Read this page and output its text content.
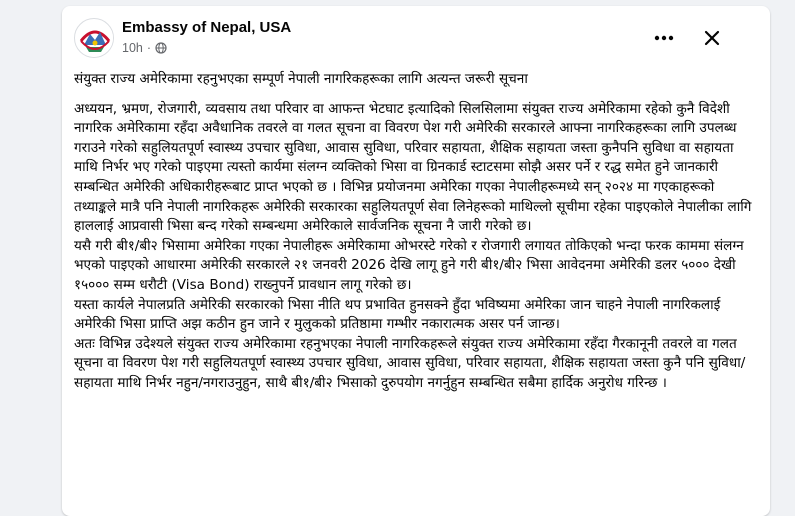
Embassy of Nepal, USA
10h ·

संयुक्त राज्य अमेरिकामा रहनुभएका सम्पूर्ण नेपाली नागरिकहरूका लागि अत्यन्त जरूरी सूचना

अध्ययन, भ्रमण, रोजगारी, व्यवसाय तथा परिवार वा आफन्त भेटघाट इत्यादिको सिलसिलामा संयुक्त राज्य अमेरिकामा रहेको कुनै विदेशी नागरिक अमेरिकामा रहँदा अवैधानिक तवरले वा गलत सूचना वा विवरण पेश गरी अमेरिकी सरकारले आफ्ना नागरिकहरूका लागि उपलब्ध गराउने गरेको सहुलियतपूर्ण स्वास्थ्य उपचार सुविधा, आवास सुविधा, परिवार सहायता, शैक्षिक सहायता जस्ता कुनैपनि सुविधा वा सहायता माथि निर्भर भए गरेको पाइएमा त्यस्तो कार्यमा संलग्न व्यक्तिको भिसा वा ग्रिनकार्ड स्टाटसमा सोझै असर पर्ने र रद्ध समेत हुने जानकारी सम्बन्धित अमेरिकी अधिकारीहरूबाट प्राप्त भएको छ । विभिन्न प्रयोजनमा अमेरिका गएका नेपालीहरूमध्ये सन् २०२४ मा गएकाहरूको तथ्याङ्कले मात्रै पनि नेपाली नागरिकहरू अमेरिकी सरकारका सहुलियतपूर्ण सेवा लिनेहरूको माथिल्लो सूचीमा रहेका पाइएकोले नेपालीका लागि हाललाई आप्रवासी भिसा बन्द गरेको सम्बन्धमा अमेरिकाले सार्वजनिक सूचना नै जारी गरेको छ।

यसै गरी बी१/बी२ भिसामा अमेरिका गएका नेपालीहरू अमेरिकामा ओभरस्टे गरेको र रोजगारी लगायत तोकिएको भन्दा फरक काममा संलग्न भएको पाइएको आधारमा अमेरिकी सरकारले २१ जनवरी 2026 देखि लागू हुने गरी बी१/बी२ भिसा आवेदनमा अमेरिकी डलर ५००० देखी १५००० सम्म धरौटी (Visa Bond) राख्नुपर्ने प्रावधान लागू गरेको छ।

यस्ता कार्यले नेपालप्रति अमेरिकी सरकारको भिसा नीति थप प्रभावित हुनसक्ने हुँदा भविष्यमा अमेरिका जान चाहने नेपाली नागरिकलाई अमेरिकी भिसा प्राप्ति अझ कठीन हुन जाने र मुलुकको प्रतिष्ठामा गम्भीर नकारात्मक असर पर्न जान्छ।

अतः विभिन्न उदेश्यले संयुक्त राज्य अमेरिकामा रहनुभएका नेपाली नागरिकहरूले संयुक्त राज्य अमेरिकामा रहँदा गैरकानूनी तवरले वा गलत सूचना वा विवरण पेश गरी सहुलियतपूर्ण स्वास्थ्य उपचार सुविधा, आवास सुविधा, परिवार सहायता, शैक्षिक सहायता जस्ता कुनै पनि सुविधा/सहायता माथि निर्भर नहुन/नगराउनुहुन, साथै बी१/बी२ भिसाको दुरुपयोग नगर्नुहुन सम्बन्धित सबैमा हार्दिक अनुरोध गरिन्छ ।
